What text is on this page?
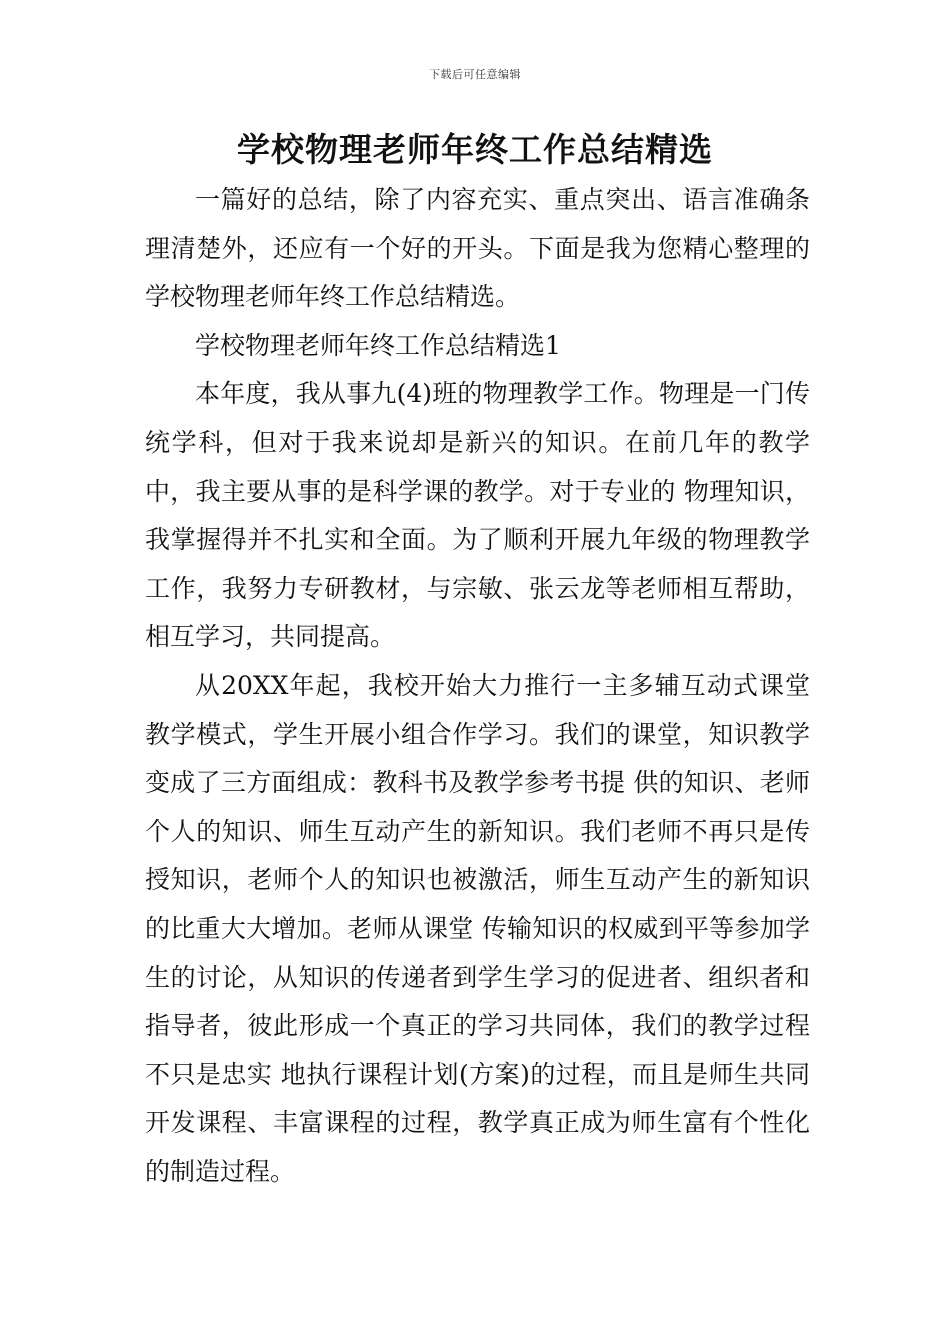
下载后可任意编辑
学校物理老师年终工作总结精选

一篇好的总结，除了内容充实、重点突出、语言准确条理清楚外，还应有一个好的开头。下面是我为您精心整理的学校物理老师年终工作总结精选。

学校物理老师年终工作总结精选1

本年度，我从事九(4)班的物理教学工作。物理是一门传统学科，但对于我来说却是新兴的知识。在前几年的教学中，我主要从事的是科学课的教学。对于专业的 物理知识，我掌握得并不扎实和全面。为了顺利开展九年级的物理教学工作，我努力专研教材，与宗敏、张云龙等老师相互帮助，相互学习，共同提高。

从20XX年起，我校开始大力推行一主多辅互动式课堂教学模式，学生开展小组合作学习。我们的课堂，知识教学变成了三方面组成：教科书及教学参考书提 供的知识、老师个人的知识、师生互动产生的新知识。我们老师不再只是传授知识，老师个人的知识也被激活，师生互动产生的新知识的比重大大增加。老师从课堂 传输知识的权威到平等参加学生的讨论，从知识的传递者到学生学习的促进者、组织者和指导者，彼此形成一个真正的学习共同体，我们的教学过程不只是忠实 地执行课程计划(方案)的过程，而且是师生共同开发课程、丰富课程的过程，教学真正成为师生富有个性化的制造过程。
